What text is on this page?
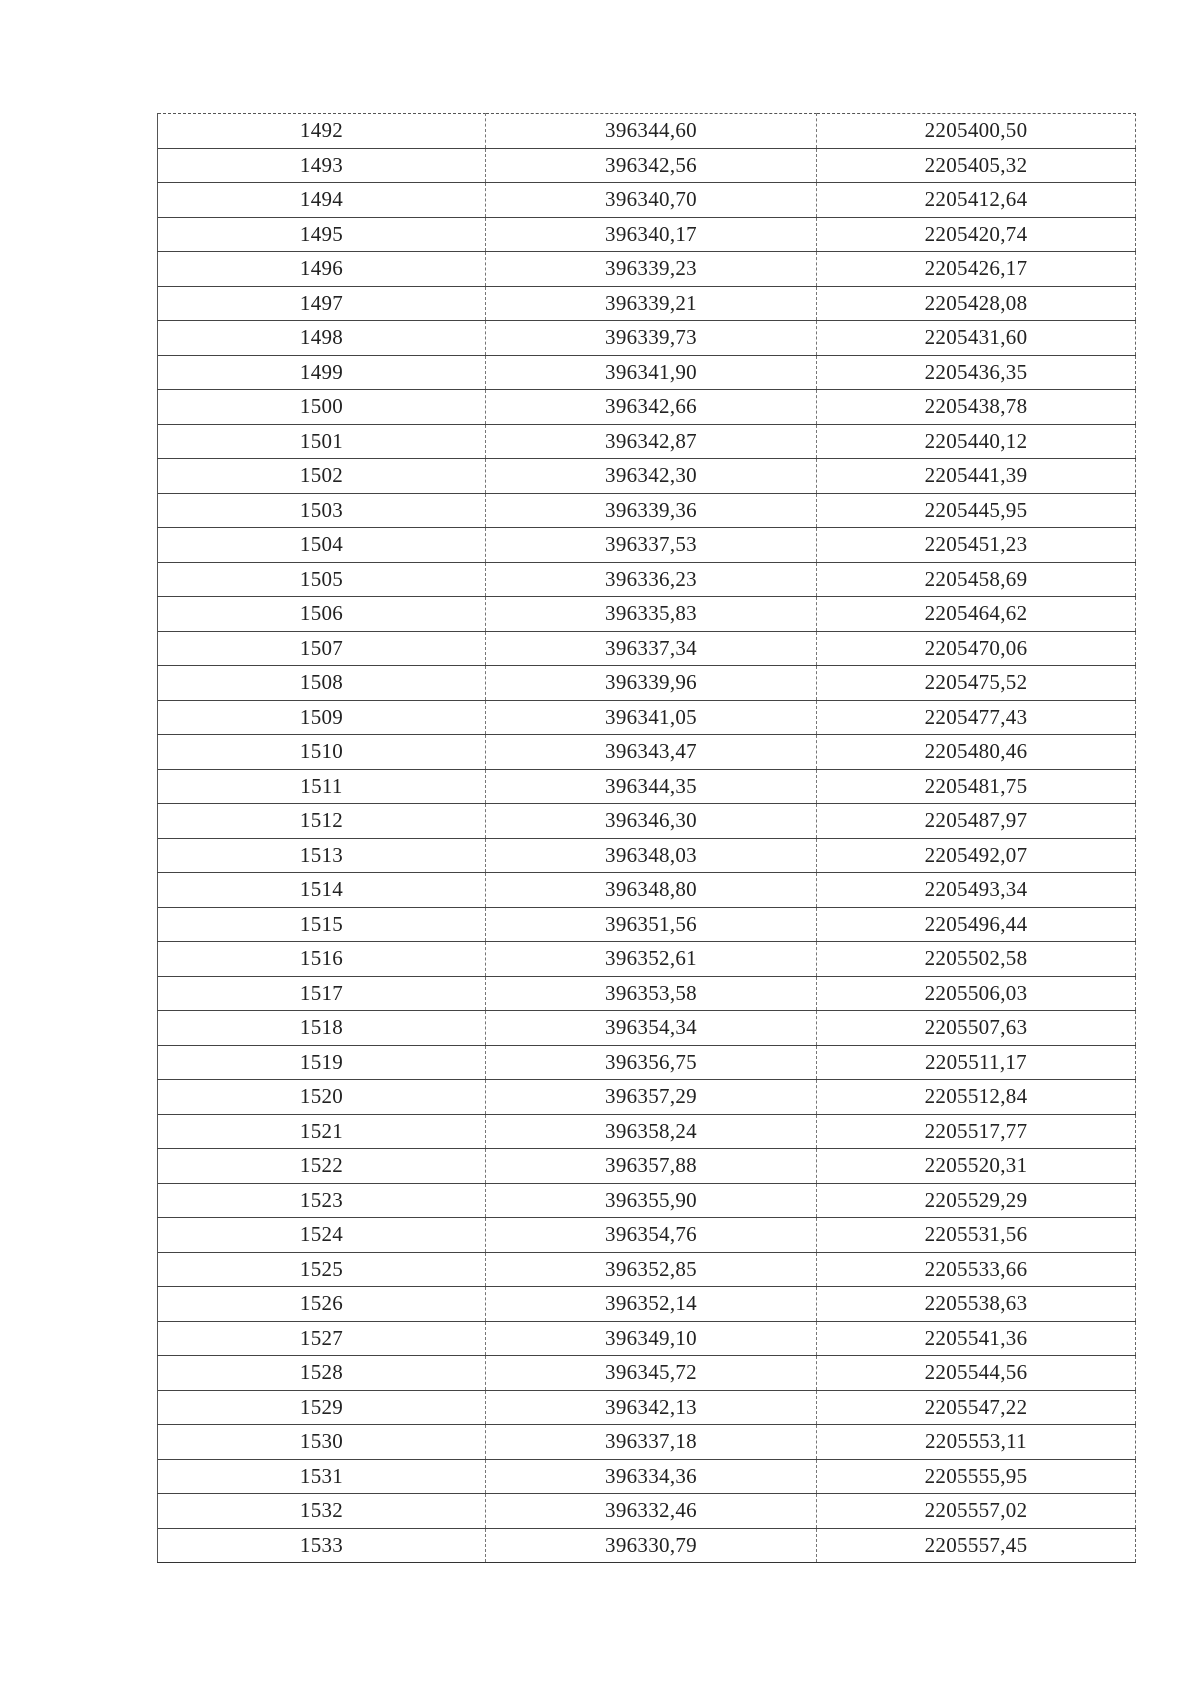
1492	396344,60	2205400,50
1493	396342,56	2205405,32
1494	396340,70	2205412,64
1495	396340,17	2205420,74
1496	396339,23	2205426,17
1497	396339,21	2205428,08
1498	396339,73	2205431,60
1499	396341,90	2205436,35
1500	396342,66	2205438,78
1501	396342,87	2205440,12
1502	396342,30	2205441,39
1503	396339,36	2205445,95
1504	396337,53	2205451,23
1505	396336,23	2205458,69
1506	396335,83	2205464,62
1507	396337,34	2205470,06
1508	396339,96	2205475,52
1509	396341,05	2205477,43
1510	396343,47	2205480,46
1511	396344,35	2205481,75
1512	396346,30	2205487,97
1513	396348,03	2205492,07
1514	396348,80	2205493,34
1515	396351,56	2205496,44
1516	396352,61	2205502,58
1517	396353,58	2205506,03
1518	396354,34	2205507,63
1519	396356,75	2205511,17
1520	396357,29	2205512,84
1521	396358,24	2205517,77
1522	396357,88	2205520,31
1523	396355,90	2205529,29
1524	396354,76	2205531,56
1525	396352,85	2205533,66
1526	396352,14	2205538,63
1527	396349,10	2205541,36
1528	396345,72	2205544,56
1529	396342,13	2205547,22
1530	396337,18	2205553,11
1531	396334,36	2205555,95
1532	396332,46	2205557,02
1533	396330,79	2205557,45
